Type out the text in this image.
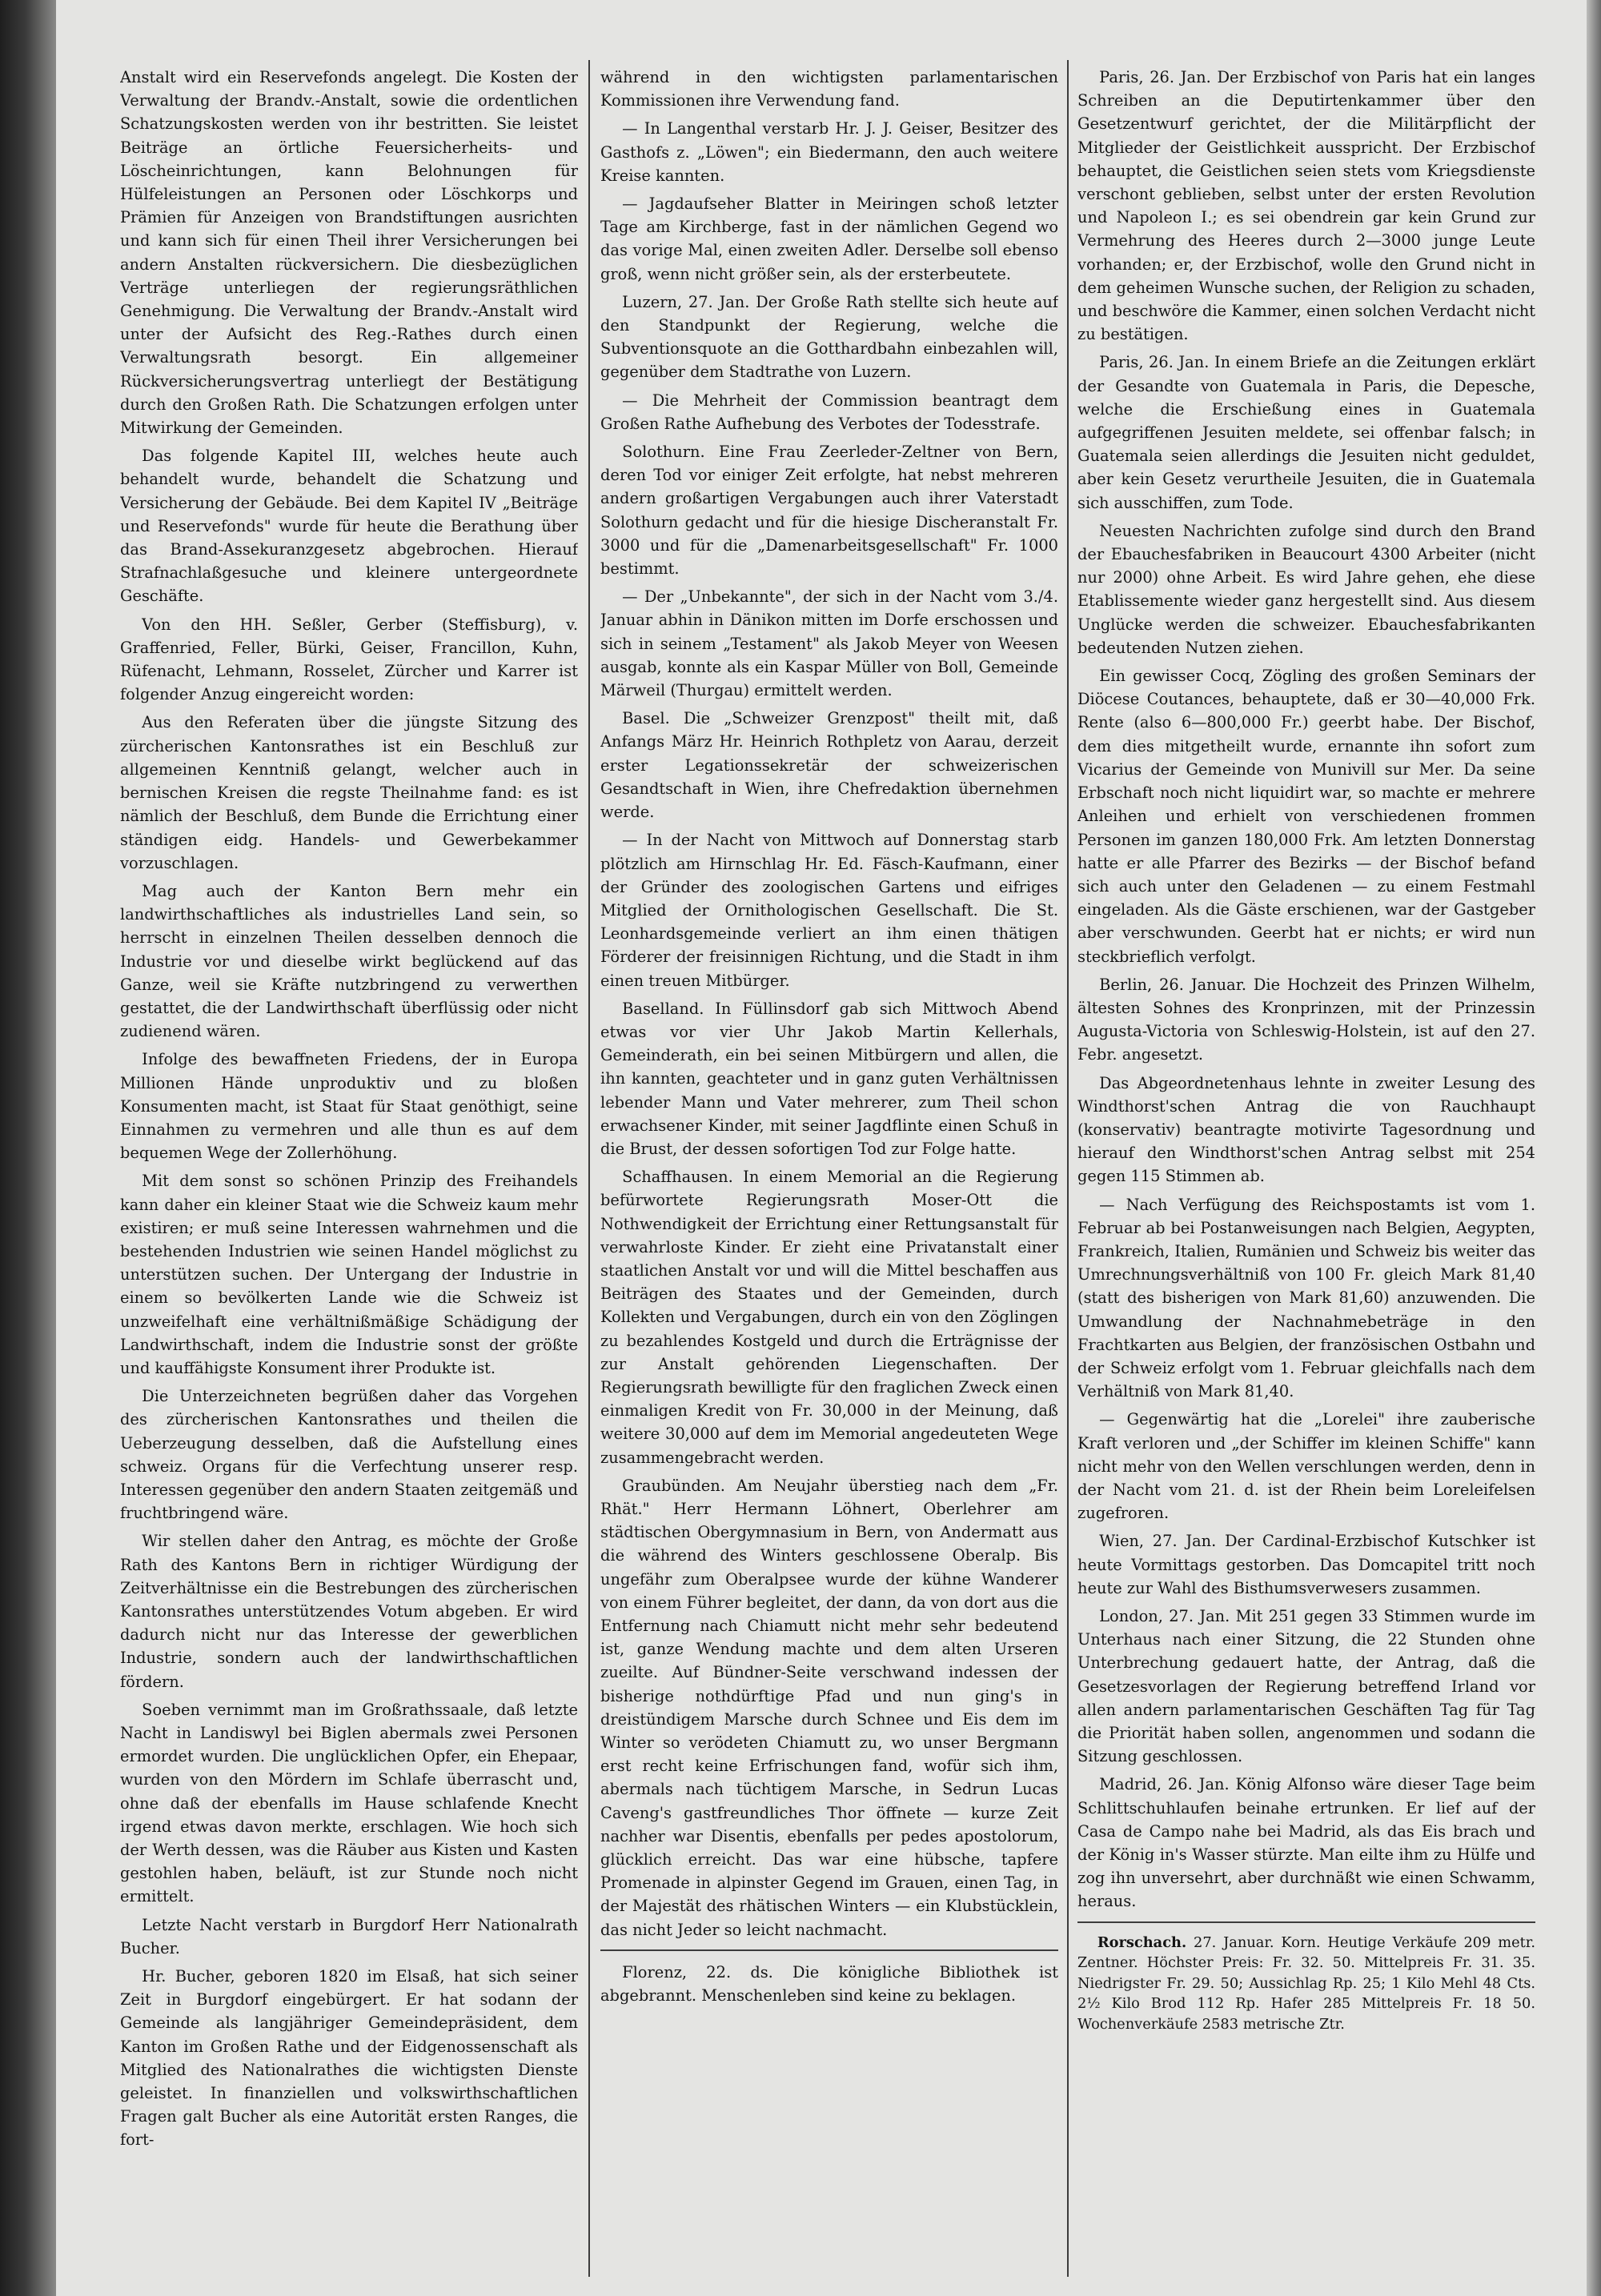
Anstalt wird ein Reservefonds angelegt. Die Kosten der Verwaltung der Brandv.-Anstalt, sowie die ordentlichen Schatzungskosten werden von ihr bestritten. Sie leistet Beiträge an örtliche Feuersicherheits- und Löscheinrichtungen, kann Belohnungen für Hülfeleistungen an Personen oder Löschkorps und Prämien für Anzeigen von Brandstiftungen ausrichten und kann sich für einen Theil ihrer Versicherungen bei andern Anstalten rückversichern. Die diesbezüglichen Verträge unterliegen der regierungsräthlichen Genehmigung. Die Verwaltung der Brandv.-Anstalt wird unter der Aufsicht des Reg.-Rathes durch einen Verwaltungsrath besorgt. Ein allgemeiner Rückversicherungsvertrag unterliegt der Bestätigung durch den Großen Rath. Die Schatzungen erfolgen unter Mitwirkung der Gemeinden.

Das folgende Kapitel III, welches heute auch behandelt wurde, behandelt die Schatzung und Versicherung der Gebäude. Bei dem Kapitel IV „Beiträge und Reservefonds" wurde für heute die Berathung über das Brand-Assekuranzgesetz abgebrochen. Hierauf Strafnachlaßgesuche und kleinere untergeordnete Geschäfte.

Von den HH. Seßler, Gerber (Steffisburg), v. Graffenried, Feller, Bürki, Geiser, Francillon, Kuhn, Rüfenacht, Lehmann, Rosselet, Zürcher und Karrer ist folgender Anzug eingereicht worden:

Aus den Referaten über die jüngste Sitzung des zürcherischen Kantonsrathes ist ein Beschluß zur allgemeinen Kenntniß gelangt, welcher auch in bernischen Kreisen die regste Theilnahme fand: es ist nämlich der Beschluß, dem Bunde die Errichtung einer ständigen eidg. Handels- und Gewerbekammer vorzuschlagen.

Mag auch der Kanton Bern mehr ein landwirthschaftliches als industrielles Land sein, so herrscht in einzelnen Theilen desselben dennoch die Industrie vor und dieselbe wirkt beglückend auf das Ganze, weil sie Kräfte nutzbringend zu verwerthen gestattet, die der Landwirthschaft überflüssig oder nicht zudienend wären.

Infolge des bewaffneten Friedens, der in Europa Millionen Hände unproduktiv und zu bloßen Konsumenten macht, ist Staat für Staat genöthigt, seine Einnahmen zu vermehren und alle thun es auf dem bequemen Wege der Zollerhöhung.

Mit dem sonst so schönen Prinzip des Freihandels kann daher ein kleiner Staat wie die Schweiz kaum mehr existiren; er muß seine Interessen wahrnehmen und die bestehenden Industrien wie seinen Handel möglichst zu unterstützen suchen. Der Untergang der Industrie in einem so bevölkerten Lande wie die Schweiz ist unzweifelhaft eine verhältnißmäßige Schädigung der Landwirthschaft, indem die Industrie sonst der größte und kauffähigste Konsument ihrer Produkte ist.

Die Unterzeichneten begrüßen daher das Vorgehen des zürcherischen Kantonsrathes und theilen die Ueberzeugung desselben, daß die Aufstellung eines schweiz. Organs für die Verfechtung unserer resp. Interessen gegenüber den andern Staaten zeitgemäß und fruchtbringend wäre.

Wir stellen daher den Antrag, es möchte der Große Rath des Kantons Bern in richtiger Würdigung der Zeitverhältnisse ein die Bestrebungen des zürcherischen Kantonsrathes unterstützendes Votum abgeben. Er wird dadurch nicht nur das Interesse der gewerblichen Industrie, sondern auch der landwirthschaftlichen fördern.

Soeben vernimmt man im Großrathssaale, daß letzte Nacht in Landiswyl bei Biglen abermals zwei Personen ermordet wurden. Die unglücklichen Opfer, ein Ehepaar, wurden von den Mördern im Schlafe überrascht und, ohne daß der ebenfalls im Hause schlafende Knecht irgend etwas davon merkte, erschlagen. Wie hoch sich der Werth dessen, was die Räuber aus Kisten und Kasten gestohlen haben, beläuft, ist zur Stunde noch nicht ermittelt.

Letzte Nacht verstarb in Burgdorf Herr Nationalrath Bucher.

Hr. Bucher, geboren 1820 im Elsaß, hat sich seiner Zeit in Burgdorf eingebürgert. Er hat sodann der Gemeinde als langjähriger Gemeindepräsident, dem Kanton im Großen Rathe und der Eidgenossenschaft als Mitglied des Nationalrathes die wichtigsten Dienste geleistet. In finanziellen und volkswirthschaftlichen Fragen galt Bucher als eine Autorität ersten Ranges, die fort-

während in den wichtigsten parlamentarischen Kommissionen ihre Verwendung fand.

— In Langenthal verstarb Hr. J. J. Geiser, Besitzer des Gasthofs z. „Löwen"; ein Biedermann, den auch weitere Kreise kannten.

— Jagdaufseher Blatter in Meiringen schoß letzter Tage am Kirchberge, fast in der nämlichen Gegend wo das vorige Mal, einen zweiten Adler. Derselbe soll ebenso groß, wenn nicht größer sein, als der ersterbeutete.

Luzern, 27. Jan. Der Große Rath stellte sich heute auf den Standpunkt der Regierung, welche die Subventionsquote an die Gotthardbahn einbezahlen will, gegenüber dem Stadtrathe von Luzern.

— Die Mehrheit der Commission beantragt dem Großen Rathe Aufhebung des Verbotes der Todesstrafe.

Solothurn. Eine Frau Zeerleder-Zeltner von Bern, deren Tod vor einiger Zeit erfolgte, hat nebst mehreren andern großartigen Vergabungen auch ihrer Vaterstadt Solothurn gedacht und für die hiesige Discheranstalt Fr. 3000 und für die „Damenarbeitsgesellschaft" Fr. 1000 bestimmt.

— Der „Unbekannte", der sich in der Nacht vom 3./4. Januar abhin in Dänikon mitten im Dorfe erschossen und sich in seinem „Testament" als Jakob Meyer von Weesen ausgab, konnte als ein Kaspar Müller von Boll, Gemeinde Märweil (Thurgau) ermittelt werden.

Basel. Die „Schweizer Grenzpost" theilt mit, daß Anfangs März Hr. Heinrich Rothpletz von Aarau, derzeit erster Legationssekretär der schweizerischen Gesandtschaft in Wien, ihre Chefredaktion übernehmen werde.

— In der Nacht von Mittwoch auf Donnerstag starb plötzlich am Hirnschlag Hr. Ed. Fäsch-Kaufmann, einer der Gründer des zoologischen Gartens und eifriges Mitglied der Ornithologischen Gesellschaft. Die St. Leonhardsgemeinde verliert an ihm einen thätigen Förderer der freisinnigen Richtung, und die Stadt in ihm einen treuen Mitbürger.

Baselland. In Füllinsdorf gab sich Mittwoch Abend etwas vor vier Uhr Jakob Martin Kellerhals, Gemeinderath, ein bei seinen Mitbürgern und allen, die ihn kannten, geachteter und in ganz guten Verhältnissen lebender Mann und Vater mehrerer, zum Theil schon erwachsener Kinder, mit seiner Jagdflinte einen Schuß in die Brust, der dessen sofortigen Tod zur Folge hatte.

Schaffhausen. In einem Memorial an die Regierung befürwortete Regierungsrath Moser-Ott die Nothwendigkeit der Errichtung einer Rettungsanstalt für verwahrloste Kinder. Er zieht eine Privatanstalt einer staatlichen Anstalt vor und will die Mittel beschaffen aus Beiträgen des Staates und der Gemeinden, durch Kollekten und Vergabungen, durch ein von den Zöglingen zu bezahlendes Kostgeld und durch die Erträgnisse der zur Anstalt gehörenden Liegenschaften. Der Regierungsrath bewilligte für den fraglichen Zweck einen einmaligen Kredit von Fr. 30,000 in der Meinung, daß weitere 30,000 auf dem im Memorial angedeuteten Wege zusammengebracht werden.

Graubünden. Am Neujahr überstieg nach dem „Fr. Rhät." Herr Hermann Löhnert, Oberlehrer am städtischen Obergymnasium in Bern, von Andermatt aus die während des Winters geschlossene Oberalp. Bis ungefähr zum Oberalpsee wurde der kühne Wanderer von einem Führer begleitet, der dann, da von dort aus die Entfernung nach Chiamutt nicht mehr sehr bedeutend ist, ganze Wendung machte und dem alten Urseren zueilte. Auf Bündner-Seite verschwand indessen der bisherige nothdürftige Pfad und nun ging's in dreistündigem Marsche durch Schnee und Eis dem im Winter so verödeten Chiamutt zu, wo unser Bergmann erst recht keine Erfrischungen fand, wofür sich ihm, abermals nach tüchtigem Marsche, in Sedrun Lucas Caveng's gastfreundliches Thor öffnete — kurze Zeit nachher war Disentis, ebenfalls per pedes apostolorum, glücklich erreicht. Das war eine hübsche, tapfere Promenade in alpinster Gegend im Grauen, einen Tag, in der Majestät des rhätischen Winters — ein Klubstücklein, das nicht Jeder so leicht nachmacht.

Florenz, 22. ds. Die königliche Bibliothek ist abgebrannt. Menschenleben sind keine zu beklagen.

Paris, 26. Jan. Der Erzbischof von Paris hat ein langes Schreiben an die Deputirtenkammer über den Gesetzentwurf gerichtet, der die Militärpflicht der Mitglieder der Geistlichkeit ausspricht. Der Erzbischof behauptet, die Geistlichen seien stets vom Kriegsdienste verschont geblieben, selbst unter der ersten Revolution und Napoleon I.; es sei obendrein gar kein Grund zur Vermehrung des Heeres durch 2—3000 junge Leute vorhanden; er, der Erzbischof, wolle den Grund nicht in dem geheimen Wunsche suchen, der Religion zu schaden, und beschwöre die Kammer, einen solchen Verdacht nicht zu bestätigen.

Paris, 26. Jan. In einem Briefe an die Zeitungen erklärt der Gesandte von Guatemala in Paris, die Depesche, welche die Erschießung eines in Guatemala aufgegriffenen Jesuiten meldete, sei offenbar falsch; in Guatemala seien allerdings die Jesuiten nicht geduldet, aber kein Gesetz verurtheile Jesuiten, die in Guatemala sich ausschiffen, zum Tode.

Neuesten Nachrichten zufolge sind durch den Brand der Ebauchesfabriken in Beaucourt 4300 Arbeiter (nicht nur 2000) ohne Arbeit. Es wird Jahre gehen, ehe diese Etablissemente wieder ganz hergestellt sind. Aus diesem Unglücke werden die schweizer. Ebauchesfabrikanten bedeutenden Nutzen ziehen.

Ein gewisser Cocq, Zögling des großen Seminars der Diöcese Coutances, behauptete, daß er 30—40,000 Frk. Rente (also 6—800,000 Fr.) geerbt habe. Der Bischof, dem dies mitgetheilt wurde, ernannte ihn sofort zum Vicarius der Gemeinde von Munivill sur Mer. Da seine Erbschaft noch nicht liquidirt war, so machte er mehrere Anleihen und erhielt von verschiedenen frommen Personen im ganzen 180,000 Frk. Am letzten Donnerstag hatte er alle Pfarrer des Bezirks — der Bischof befand sich auch unter den Geladenen — zu einem Festmahl eingeladen. Als die Gäste erschienen, war der Gastgeber aber verschwunden. Geerbt hat er nichts; er wird nun steckbrieflich verfolgt.

Berlin, 26. Januar. Die Hochzeit des Prinzen Wilhelm, ältesten Sohnes des Kronprinzen, mit der Prinzessin Augusta-Victoria von Schleswig-Holstein, ist auf den 27. Febr. angesetzt.

Das Abgeordnetenhaus lehnte in zweiter Lesung des Windthorst'schen Antrag die von Rauchhaupt (konservativ) beantragte motivirte Tagesordnung und hierauf den Windthorst'schen Antrag selbst mit 254 gegen 115 Stimmen ab.

— Nach Verfügung des Reichspostamts ist vom 1. Februar ab bei Postanweisungen nach Belgien, Aegypten, Frankreich, Italien, Rumänien und Schweiz bis weiter das Umrechnungsverhältniß von 100 Fr. gleich Mark 81,40 (statt des bisherigen von Mark 81,60) anzuwenden. Die Umwandlung der Nachnahmebeträge in den Frachtkarten aus Belgien, der französischen Ostbahn und der Schweiz erfolgt vom 1. Februar gleichfalls nach dem Verhältniß von Mark 81,40.

— Gegenwärtig hat die „Lorelei" ihre zauberische Kraft verloren und „der Schiffer im kleinen Schiffe" kann nicht mehr von den Wellen verschlungen werden, denn in der Nacht vom 21. d. ist der Rhein beim Loreleifelsen zugefroren.

Wien, 27. Jan. Der Cardinal-Erzbischof Kutschker ist heute Vormittags gestorben. Das Domcapitel tritt noch heute zur Wahl des Bisthumsverwesers zusammen.

London, 27. Jan. Mit 251 gegen 33 Stimmen wurde im Unterhaus nach einer Sitzung, die 22 Stunden ohne Unterbrechung gedauert hatte, der Antrag, daß die Gesetzesvorlagen der Regierung betreffend Irland vor allen andern parlamentarischen Geschäften Tag für Tag die Priorität haben sollen, angenommen und sodann die Sitzung geschlossen.

Madrid, 26. Jan. König Alfonso wäre dieser Tage beim Schlittschuhlaufen beinahe ertrunken. Er lief auf der Casa de Campo nahe bei Madrid, als das Eis brach und der König in's Wasser stürzte. Man eilte ihm zu Hülfe und zog ihn unversehrt, aber durchnäßt wie einen Schwamm, heraus.

Rorschach. 27. Januar. Korn. Heutige Verkäufe 209 metr. Zentner. Höchster Preis: Fr. 32. 50. Mittelpreis Fr. 31. 35. Niedrigster Fr. 29. 50; Aussichlag Rp. 25; 1 Kilo Mehl 48 Cts. 2½ Kilo Brod 112 Rp. Hafer 285 Mittelpreis Fr. 18 50. Wochenverkäufe 2583 metrische Ztr.
